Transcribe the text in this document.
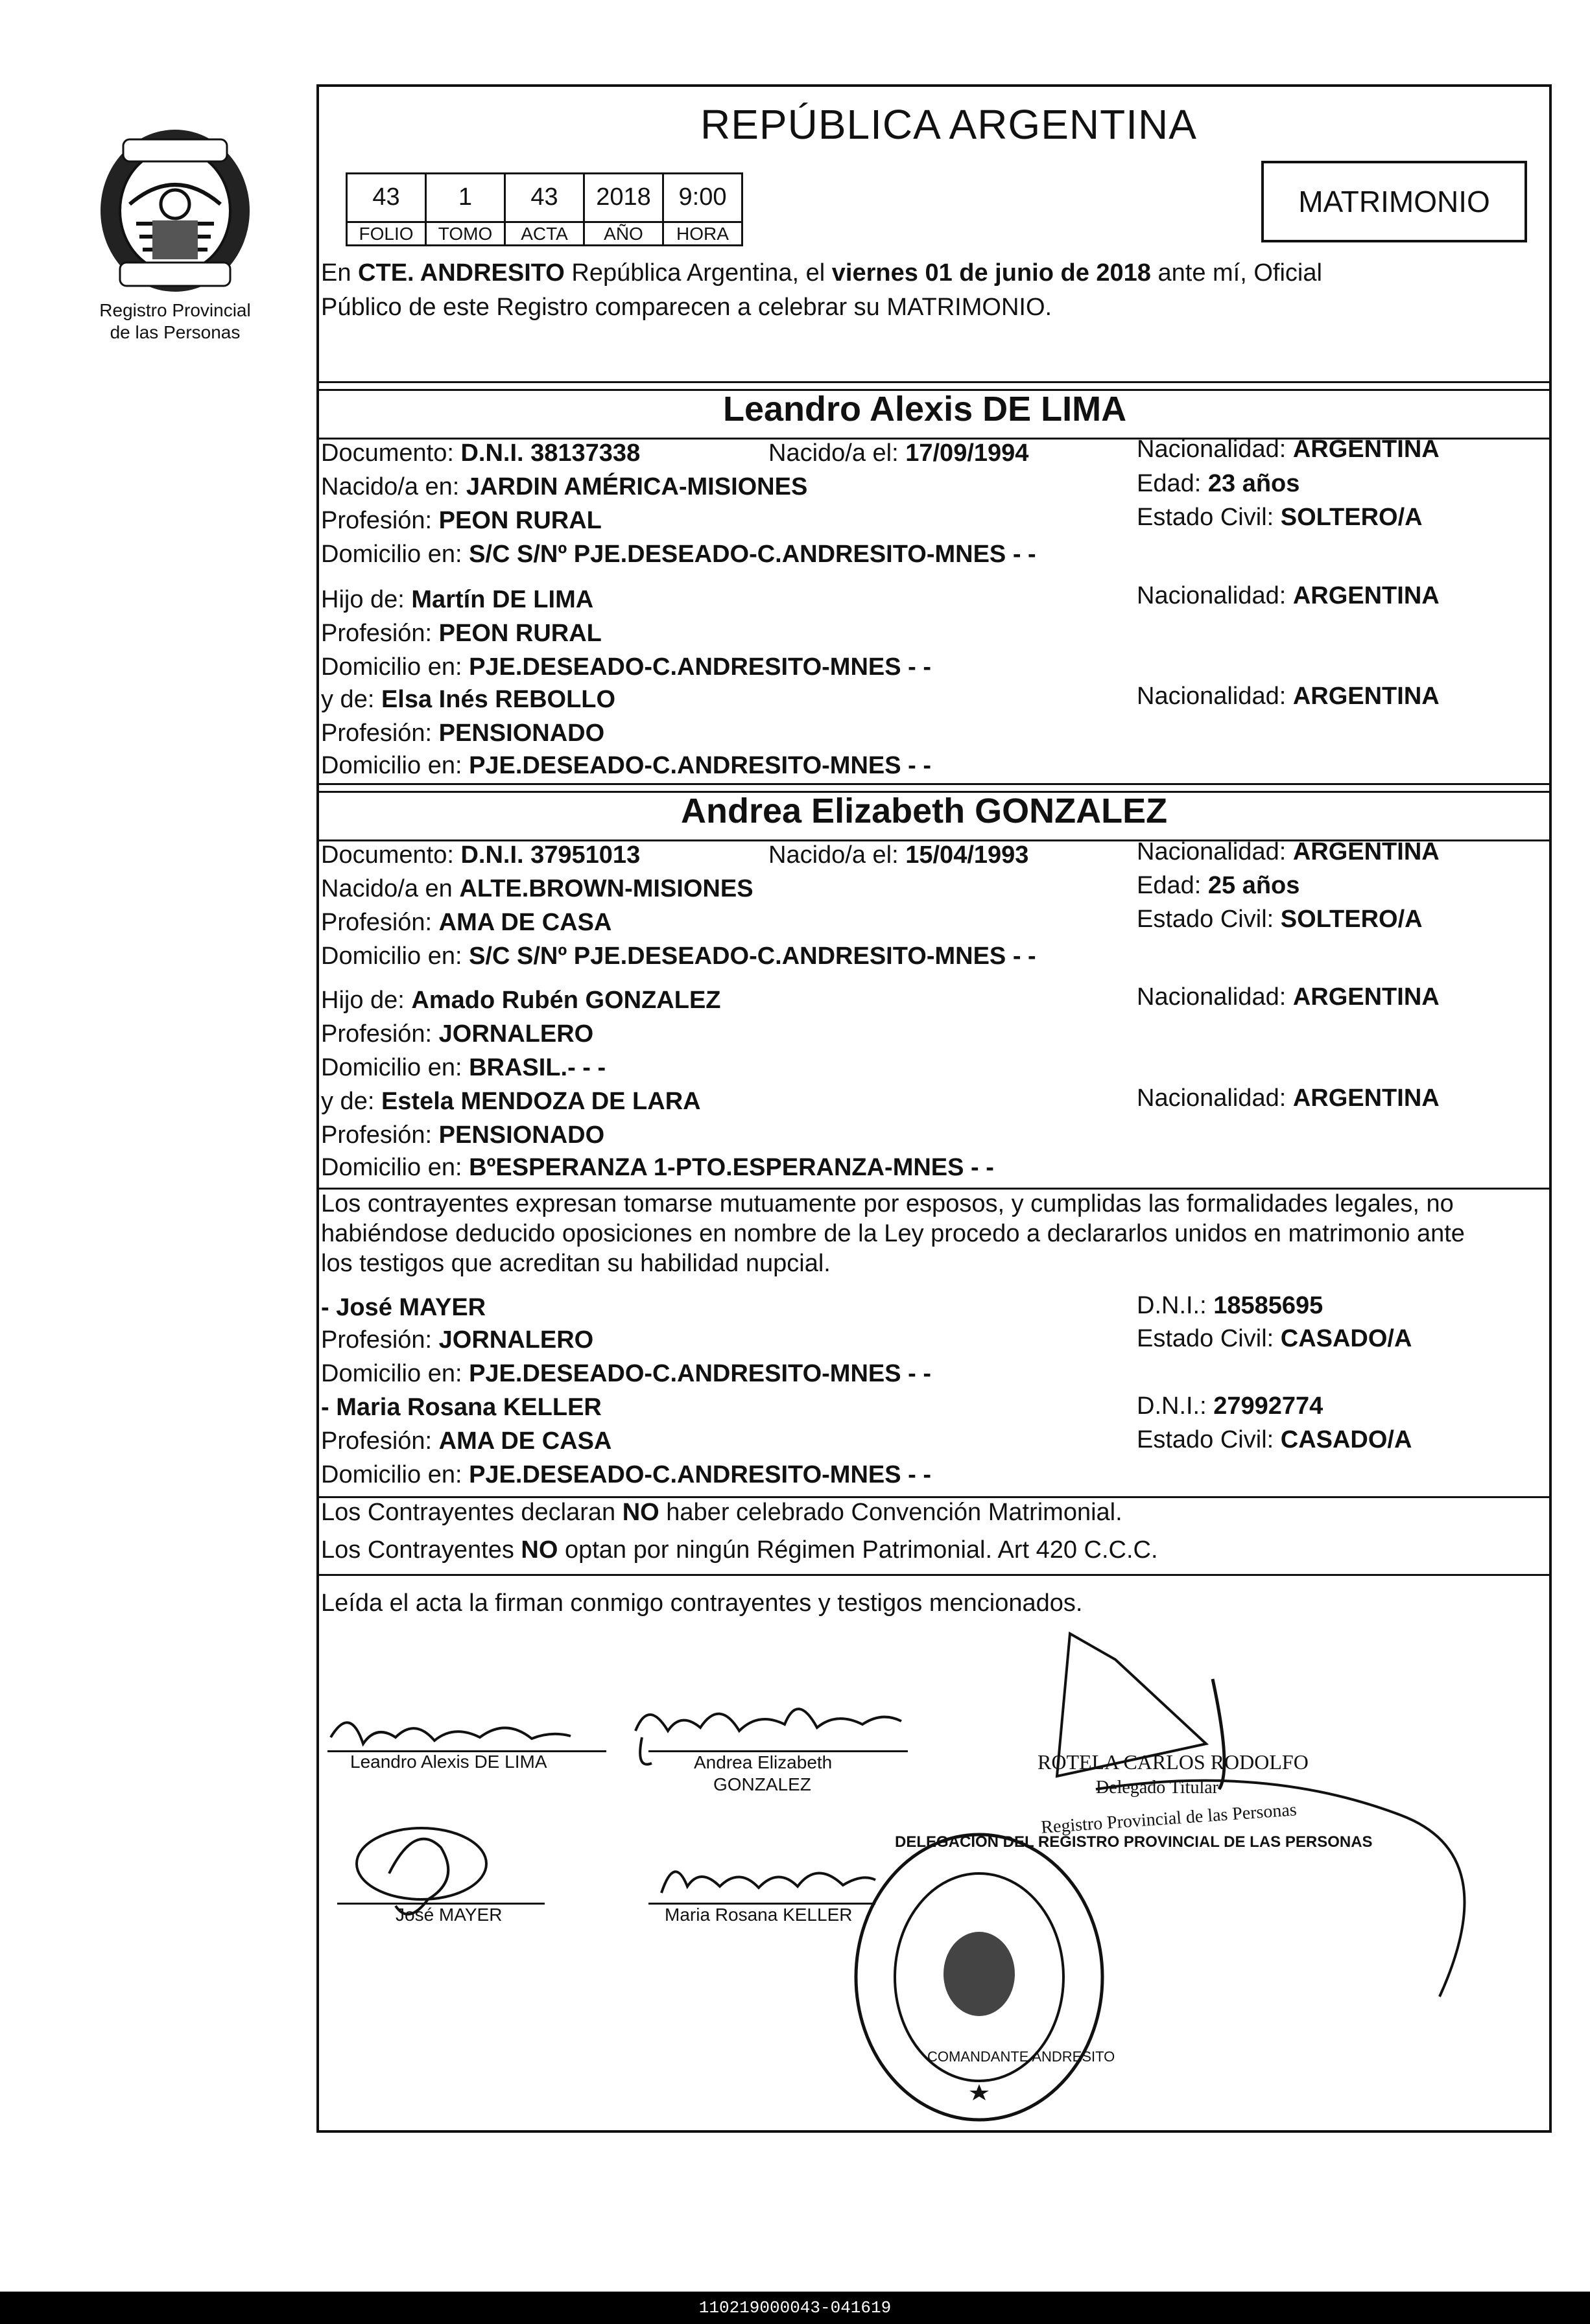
Registro Provincial
de las Personas
REPÚBLICA ARGENTINA
43	1	43	2018	9:00
FOLIO	TOMO	ACTA	AÑO	HORA
MATRIMONIO
En CTE. ANDRESITO República Argentina, el viernes 01 de junio de 2018 ante mí, Oficial
Público de este Registro comparecen a celebrar su MATRIMONIO.
Leandro Alexis DE LIMA
Documento: D.N.I. 38137338	Nacido/a el: 17/09/1994	Nacionalidad: ARGENTINA
Nacido/a en: JARDIN AMÉRICA-MISIONES	Edad: 23 años
Profesión: PEON RURAL	Estado Civil: SOLTERO/A
Domicilio en: S/C S/Nº PJE.DESEADO-C.ANDRESITO-MNES - -
Hijo de: Martín DE LIMA	Nacionalidad: ARGENTINA
Profesión: PEON RURAL
Domicilio en: PJE.DESEADO-C.ANDRESITO-MNES - -
y de: Elsa Inés REBOLLO	Nacionalidad: ARGENTINA
Profesión: PENSIONADO
Domicilio en: PJE.DESEADO-C.ANDRESITO-MNES - -
Andrea Elizabeth GONZALEZ
Documento: D.N.I. 37951013	Nacido/a el: 15/04/1993	Nacionalidad: ARGENTINA
Nacido/a en ALTE.BROWN-MISIONES	Edad: 25 años
Profesión: AMA DE CASA	Estado Civil: SOLTERO/A
Domicilio en: S/C S/Nº PJE.DESEADO-C.ANDRESITO-MNES - -
Hijo de: Amado Rubén GONZALEZ	Nacionalidad: ARGENTINA
Profesión: JORNALERO
Domicilio en: BRASIL.- - -
y de: Estela MENDOZA DE LARA	Nacionalidad: ARGENTINA
Profesión: PENSIONADO
Domicilio en: BºESPERANZA 1-PTO.ESPERANZA-MNES - -
Los contrayentes expresan tomarse mutuamente por esposos, y cumplidas las formalidades legales, no
habiéndose deducido oposiciones en nombre de la Ley procedo a declararlos unidos en matrimonio ante
los testigos que acreditan su habilidad nupcial.
- José MAYER	D.N.I.: 18585695
Profesión: JORNALERO	Estado Civil: CASADO/A
Domicilio en: PJE.DESEADO-C.ANDRESITO-MNES - -
- Maria Rosana KELLER	D.N.I.: 27992774
Profesión: AMA DE CASA	Estado Civil: CASADO/A
Domicilio en: PJE.DESEADO-C.ANDRESITO-MNES - -
Los Contrayentes declaran NO haber celebrado Convención Matrimonial.
Los Contrayentes NO optan por ningún Régimen Patrimonial. Art 420 C.C.C.
Leída el acta la firman conmigo contrayentes y testigos mencionados.
Leandro Alexis DE LIMA	Andrea Elizabeth
GONZALEZ
José MAYER	Maria Rosana KELLER
ROTELA CARLOS RODOLFO
Delegado Titular
Registro Provincial de las Personas
DELEGACION DEL REGISTRO PROVINCIAL DE LAS PERSONAS
COMANDANTE ANDRESITO
110219000043-041619
